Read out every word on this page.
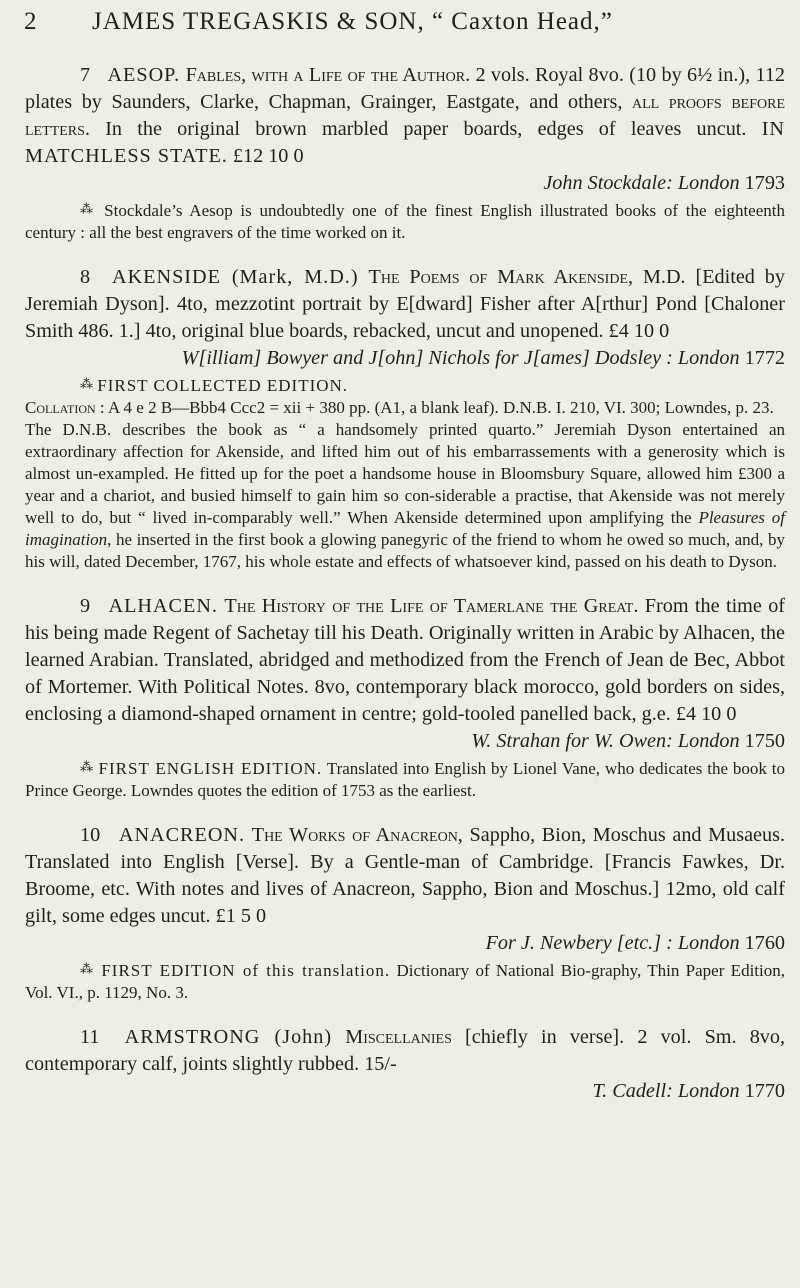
2 JAMES TREGASKIS & SON, “ Caxton Head,”
7 AESOP. Fables, with a Life of the Author. 2 vols. Royal 8vo. (10 by 6½ in.), 112 plates by Saunders, Clarke, Chapman, Grainger, Eastgate, and others, all proofs before letters. In the original brown marbled paper boards, edges of leaves uncut. IN MATCHLESS STATE. £12 10 0
John Stockdale: London 1793
⁂ Stockdale’s Aesop is undoubtedly one of the finest English illustrated books of the eighteenth century : all the best engravers of the time worked on it.
8 AKENSIDE (Mark, M.D.) The Poems of Mark Akenside, M.D. [Edited by Jeremiah Dyson]. 4to, mezzotint portrait by E[dward] Fisher after A[rthur] Pond [Chaloner Smith 486. 1.] 4to, original blue boards, rebacked, uncut and unopened. £4 10 0
W[illiam] Bowyer and J[ohn] Nichols for J[ames] Dodsley : London 1772
⁂ FIRST COLLECTED EDITION.
Collation : A 4 e 2 B—Bbb4 Ccc2 = xii + 380 pp. (A1, a blank leaf). D.N.B. I. 210, VI. 300; Lowndes, p. 23.
The D.N.B. describes the book as “ a handsomely printed quarto.” Jeremiah Dyson entertained an extraordinary affection for Akenside, and lifted him out of his embarrassements with a generosity which is almost un-exampled. He fitted up for the poet a handsome house in Bloomsbury Square, allowed him £300 a year and a chariot, and busied himself to gain him so con-siderable a practise, that Akenside was not merely well to do, but “ lived in-comparably well.” When Akenside determined upon amplifying the Pleasures of imagination, he inserted in the first book a glowing panegyric of the friend to whom he owed so much, and, by his will, dated December, 1767, his whole estate and effects of whatsoever kind, passed on his death to Dyson.
9 ALHACEN. The History of the Life of Tamerlane the Great. From the time of his being made Regent of Sachetay till his Death. Originally written in Arabic by Alhacen, the learned Arabian. Translated, abridged and methodized from the French of Jean de Bec, Abbot of Mortemer. With Political Notes. 8vo, contemporary black morocco, gold borders on sides, enclosing a diamond-shaped ornament in centre; gold-tooled panelled back, g.e. £4 10 0
W. Strahan for W. Owen: London 1750
⁂ FIRST ENGLISH EDITION. Translated into English by Lionel Vane, who dedicates the book to Prince George. Lowndes quotes the edition of 1753 as the earliest.
10 ANACREON. The Works of Anacreon, Sappho, Bion, Moschus and Musaeus. Translated into English [Verse]. By a Gentle-man of Cambridge. [Francis Fawkes, Dr. Broome, etc. With notes and lives of Anacreon, Sappho, Bion and Moschus.] 12mo, old calf gilt, some edges uncut. £1 5 0
For J. Newbery [etc.] : London 1760
⁂ FIRST EDITION of this translation. Dictionary of National Bio-graphy, Thin Paper Edition, Vol. VI., p. 1129, No. 3.
11 ARMSTRONG (John) Miscellanies [chiefly in verse]. 2 vol. Sm. 8vo, contemporary calf, joints slightly rubbed. 15/-
T. Cadell: London 1770
